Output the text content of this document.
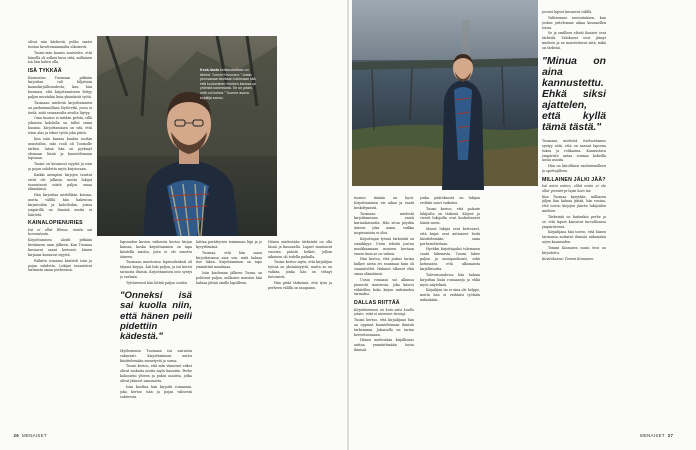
olivat niin kärkeviä, polku saatoi tuntua kivuttomammalta ulkoisesti.

Tuomi-isän kaunis muistelee, että hänellä oli selkeä kuva siitä, millainen isä hän halusi olla.

ISÄ TYKKÄÄ

Kiinnostus Tuomaan pitkään kirjoittaa tuli hiljattain kaunokirjallisuudesta, kun hän huomasi, että kirjoittamiseen liittyy paljon muutakin kuin yksinäistä työtä.

Tuomaan mielestä kirjoittaminen on parhaimmillaan löytöretki, jossa ei tiedä, mitä seuraavalta sivulta löytyy.

Oma tuomio ei mitään pelota, sillä jokaisen kohdalla on tullut sama huomio. Kirjoittaminen on sitä, että istuu alas ja tekee työtä joka päivä.

Kun isän kanssa kuuluu isoihin muistoihin, isän rooli oli Tuomolle tärkeä. Isänä hän on pyrkinyt olemaan läsnä ja kuuntelemaan lapsiaan.

Tuomi on kuvannut isyyttä ja isän ja pojan suhdetta myös kirjoissaan.

Kaikki aiempien kirjojen taustat eivät ole julkisia, mutta lukijat tunnistavat niistä paljon omaa elämäänsä.

Hän kirjoittaa mielellään kotona, mutta välillä hän hakeutuu kirjastoihin ja kahviloihin, joissa ympärillä on ihmisiä mutta ei häiriötä.

KAINALOPIENURIES
Isä ei ollut Elmua, mutta sai tunnustusta.

Kirjoittamisen aloitti pitkään kestäneen uran jälkeen. Kun Tuomaa kuvaavat sanat kertovat, hänen kirjansa kuvaavat isyyttä.

Palkittu romaani käsitteli isän ja pojan suhdetta. Lukijat tunnistivat tarinasta oman perheensä.

Kesä-ilasta kotiseuduillaan on tärkeä. Tommi Kinnunen: "Jotain perusasiaa tarvitaan tutkimaan sitä, että kuuluminen ihmisen kanssa on yhteistä kokemusta. Se on jotain, mitä voi kokea." Tuonne asuva kirjailija sanoo.

lapsuuden kuvien vaiheista kertoo kirjan kanssa, koska kirjoittaminen on tapa käsitellä asioita, joita ei ole sanottu ääneen.

Tuomaan muistoissa lapsuudenkoti oli täynnä kirjoja. Äiti luki paljon, ja isä kertoi tarinoita iltaisin. Kirjoittamisen into syntyi jo varhain.

Tyttäreensä hän liittää paljon uuden.

"Onneksi isä sai kuolla niin, että hänen peili pidettiin kädestä."

Myöhemmin Tuomaan isä sairastui vakavasti. Kirjoittaminen auttoi käsittelemään menetystä ja surua.

Tuomi kertoo, että isän viimeiset viikot olivat raskaita mutta myös kauniita. Perhe kokoontui yhteen ja puhui asioista, jotka olivat jääneet sanomatta.

Isän kuoltua hän kirjoitti romaanin, joka kertoo isän ja pojan välisestä suhteesta.

lattiaa perättyvien toiminnan läpi ja jo kyvyttömänä.

Tuomaa, että hän sanoi kirjoittavansa aina sen, mitä haluaa itse lukea. Kirjoittaminen on tapa ymmärtää maailmaa.

Isän kuoleman jälkeen Tuomi on pohtinut paljon, millaisen muiston hän haluaa jättää omille lapsilleen.

Hänen mielestään tärkeintä on olla läsnä ja kuunnella. Lapset muistavat vuosien päästä hetket, jolloin aikuinen oli todella paikalla.

Tuomi kertoo myös, että kirjailijan työssä on yksinäisyyttä, mutta se on valinta, jonka hän on tehnyt tietoisesti.

Hän pitää tärkeänä, että työn ja perheen välillä on tasapaino.

26 MENAISET

tuomio tänään on hyvä. Kirjoittaminen vie aikaa ja vaatii keskittymistä.

Tuomaan mielestä kirjoittaminen vaatii kurinalaisuutta. Hän istuu pöydän ääreen joka aamu, vaikka inspiraatiota ei olisi.

Kirjoittajan työssä tärkeintä on sinnikkyys. Usein tekstiä joutuu muokkaamaan moneen kertaan ennen kuin se on valmis.

Hän kertoo, että joskus tarina kulkee aivan eri suuntaan kuin oli suunnitellut. Hahmot alkavat elää omaa elämäänsä.

Uusin romaani sai alkunsa pienestä muistosta, joka kasvoi vähitellen koko kirjan mittaiseksi tarinaksi.

DALLAS RIITTÄÄ
Kirjoittaminen on kuin saisi kuulla jotain, mitä ei aiemmin tiennyt.

Tuomi kertoo, että kirjailijana hän on oppinut kuuntelemaan ihmisiä tarkemmin. Jokaisella on tarina kerrottavanaan.

Hänen mielestään kirjallisuus auttaa ymmärtämään toisia ihmisiä.

jonka päätöksestä on lukijan erittäin suuri vaikutus.

Tuomi kertoo, että palaute lukijoilta on tärkeää. Kirjeet ja viestit lukijoilta ovat koskettaneet häntä usein.

Monet lukijat ovat kertoneet, että kirjat ovat auttaneet heitä käsittelemään omia perhesuhteitaan.

Hyväksi kirjoittajaksi tuleminen vaatii lukemista. Tuomi lukee paljon ja monipuolisesti, sekä kotimaista että ulkomaista kirjallisuutta.

Tulevaisuudessa hän haluaa kirjoittaa lisää romaaneja ja ehkä myös näytelmiä.

Kirjailijan tie ei aina ole helppo, mutta hän ei vaihtaisi työtään mihinkään.

jovasti lapset kuvaavat välillä.

Valitsemme rentoutuksen, kun joskus juttelemme aikaa kuunnellen toisia.

Se ja omilleen elävät ihmiset ovat tärkeitä. Valokuvat ovat jäänyt mieleen ja ne muistuttavat siitä, mikä on tärkeää.

"Minua on aina kannustettu. Ehkä siksi ajattelen, että kyllä tämä tästä."

Tuomaan mielestä itseluottamus syntyy siitä, että on saanut lapsena tukea ja rohkaisua. Kannustava ympäristö antaa voimaa kokeilla uusia asioita.

Hän on kiitollinen vanhemmilleen ja opettajilleen.

MILLAINEN JÄLKI JÄÄ?
Isä antoi eniten, ehkä ensin ei ole ollut ymmärrys lapsi kuin isä.

Kun Tuomaa kysytään, millaisen jäljen hän haluaa jättää, hän vastaa, että toivoo kirjojen jäävän lukijoiden mieleen.

Tärkeintä on kuitenkin perhe ja se, että lapset kasvavat turvallisessa ympäristössä.

Kirjailijana hän toivoo, että hänen tarinansa auttavat ihmisiä näkemään arjen kauneuden.

Tommi Kinnusen uusin teos on kirjoitettu.

Kuvituksena: Tommi Kinnunen.
MENAISET 27
